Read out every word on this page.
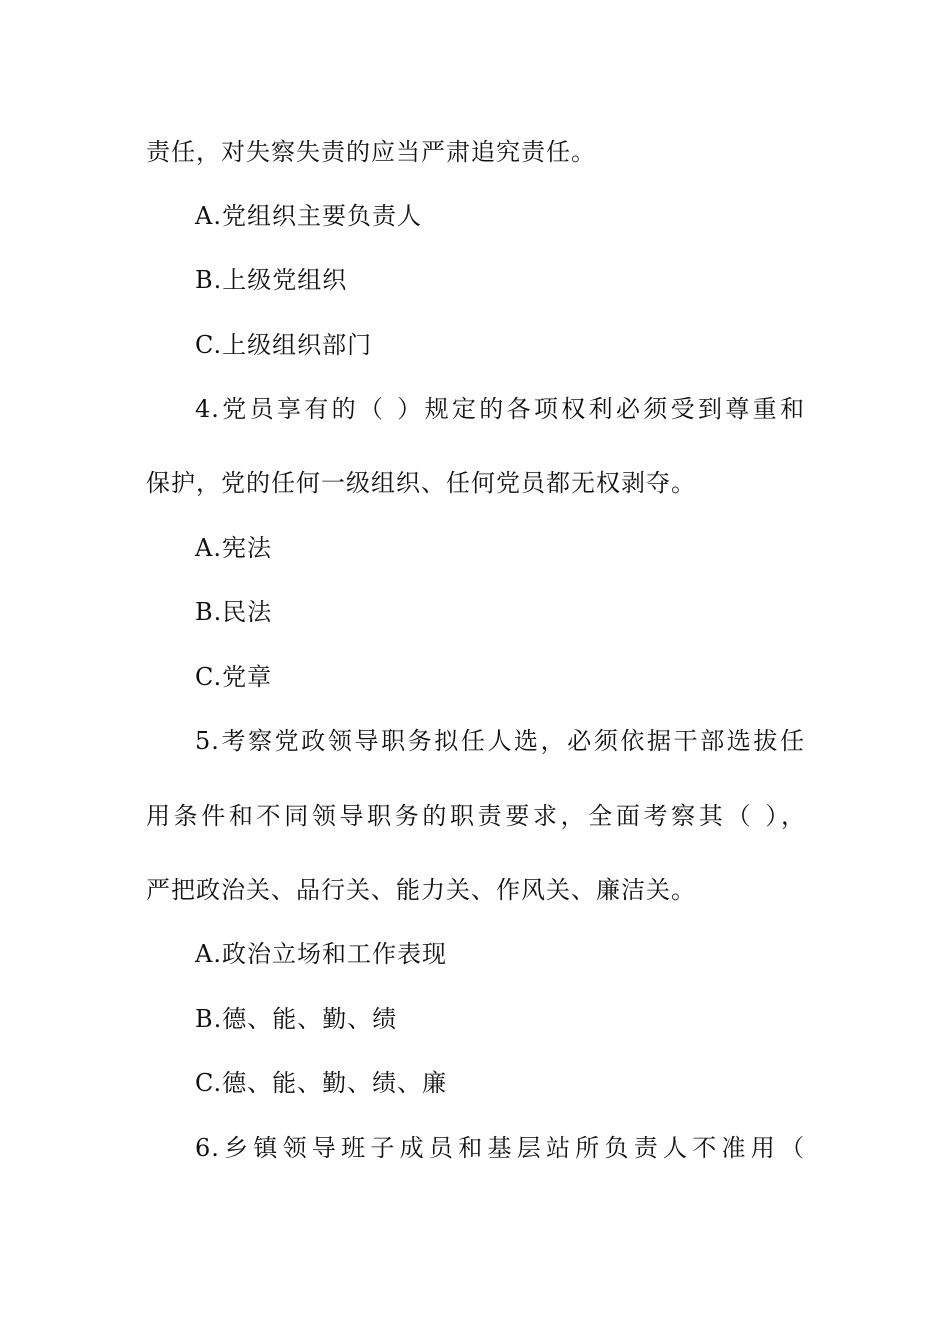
责任，对失察失责的应当严肃追究责任。
A.党组织主要负责人
B.上级党组织
C.上级组织部门
4.党员享有的（ ）规定的各项权利必须受到尊重和
保护，党的任何一级组织、任何党员都无权剥夺。
A.宪法
B.民法
C.党章
5.考察党政领导职务拟任人选，必须依据干部选拔任
用条件和不同领导职务的职责要求，全面考察其（ ），
严把政治关、品行关、能力关、作风关、廉洁关。
A.政治立场和工作表现
B.德、能、勤、绩
C.德、能、勤、绩、廉
6.乡镇领导班子成员和基层站所负责人不准用（
